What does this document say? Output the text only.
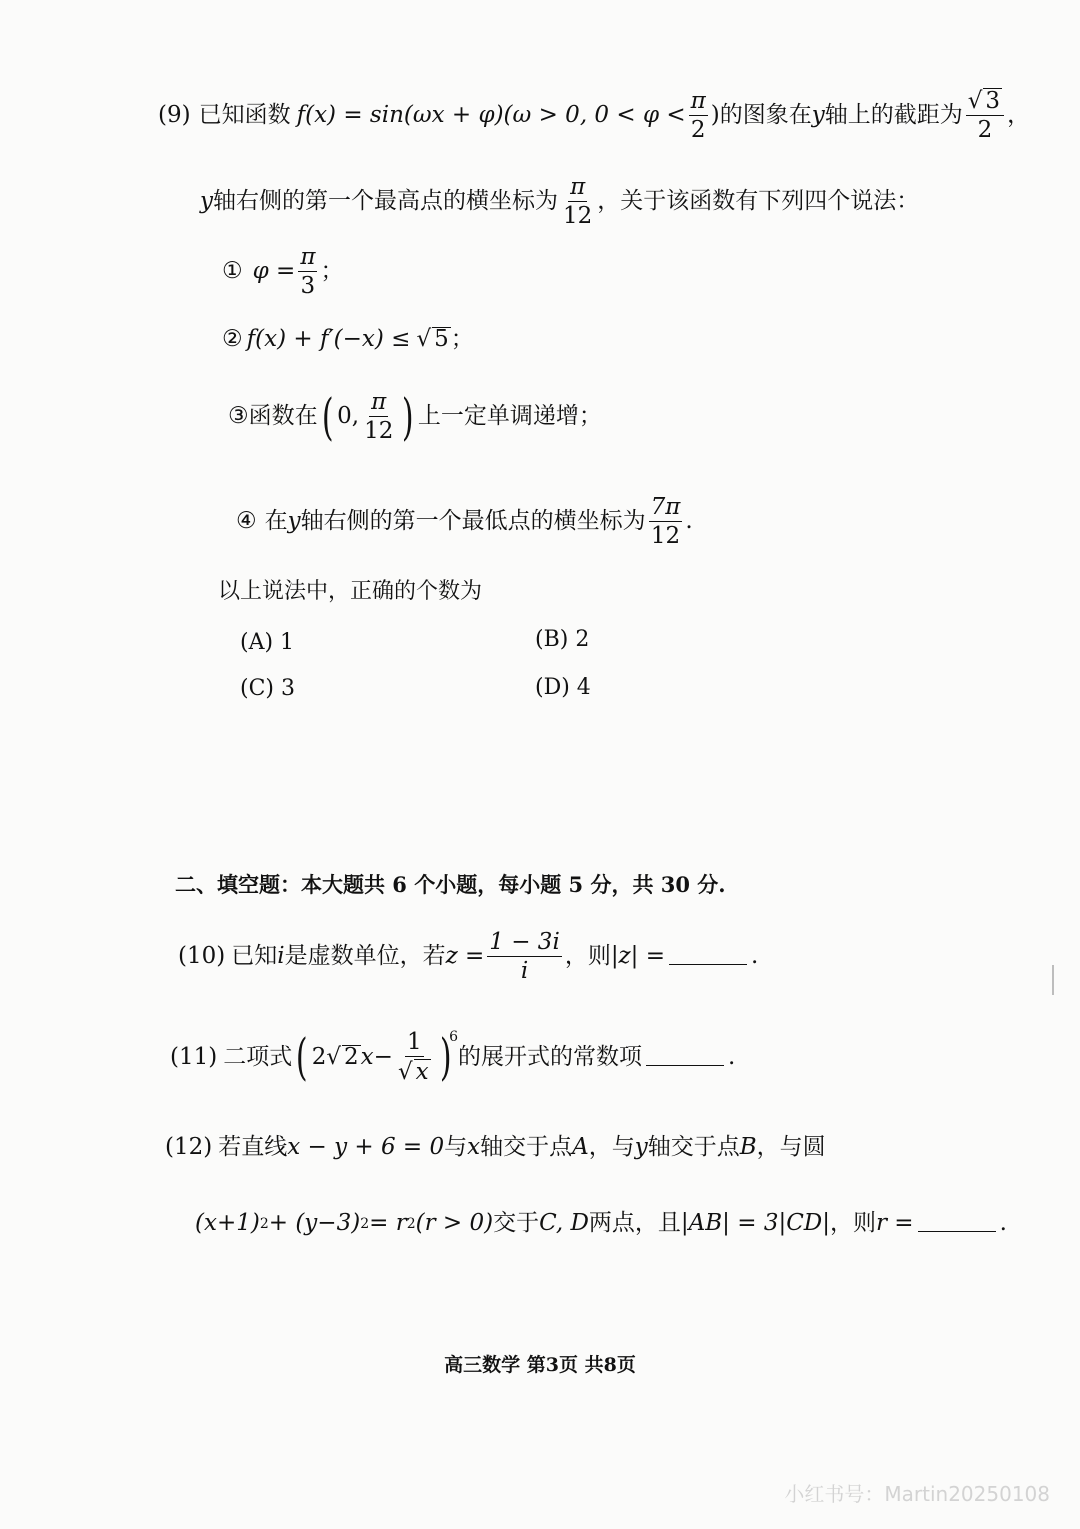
(9) 已知函数 f(x) = sin(ωx + φ)(ω > 0, $0 < \varphi < \frac{\pi}{2}$ ) 的图象在 y 轴上的截距为 $\frac{√ 3}{2}$ ，
y 轴右侧的第一个最高点的横坐标为 $\frac{\pi}{12}$ ，关于该函数有下列四个说法：
① $\varphi = \frac{\pi}{3}$ ；
② f(x) + f′(−x) ≤ √ 5 ；
③ 函数在 ( 0, $\frac{\pi}{12}$ ) 上一定单调递增；
④ 在 y 轴右侧的第一个最低点的横坐标为 $\frac{7\pi}{12}$ .
以上说法中，正确的个数为
(A) 1	(B) 2
(C) 3	(D) 4
二、填空题：本大题共 6 个小题，每小题 5 分，共 30 分.
(10) 已知 i 是虚数单位，若 $z = \frac{1 - 3i}{i}$ ，则 |z| =	.
(11) 二项式 ( 2 √ 2 $x - \frac{1}{√ x}$ )
6
的展开式的常数项	.
(12) 若直线 x − y + 6 = 0 与 x 轴交于点 A ，与 y 轴交于点 B ，与圆
(x+1) 2 + (y−3) 2 = r 2 (r > 0) 交于 C, D 两点，且 |AB| = 3|CD| ，则 r =	.
高三数学 第3页 共8页
小红书号：Martin20250108
